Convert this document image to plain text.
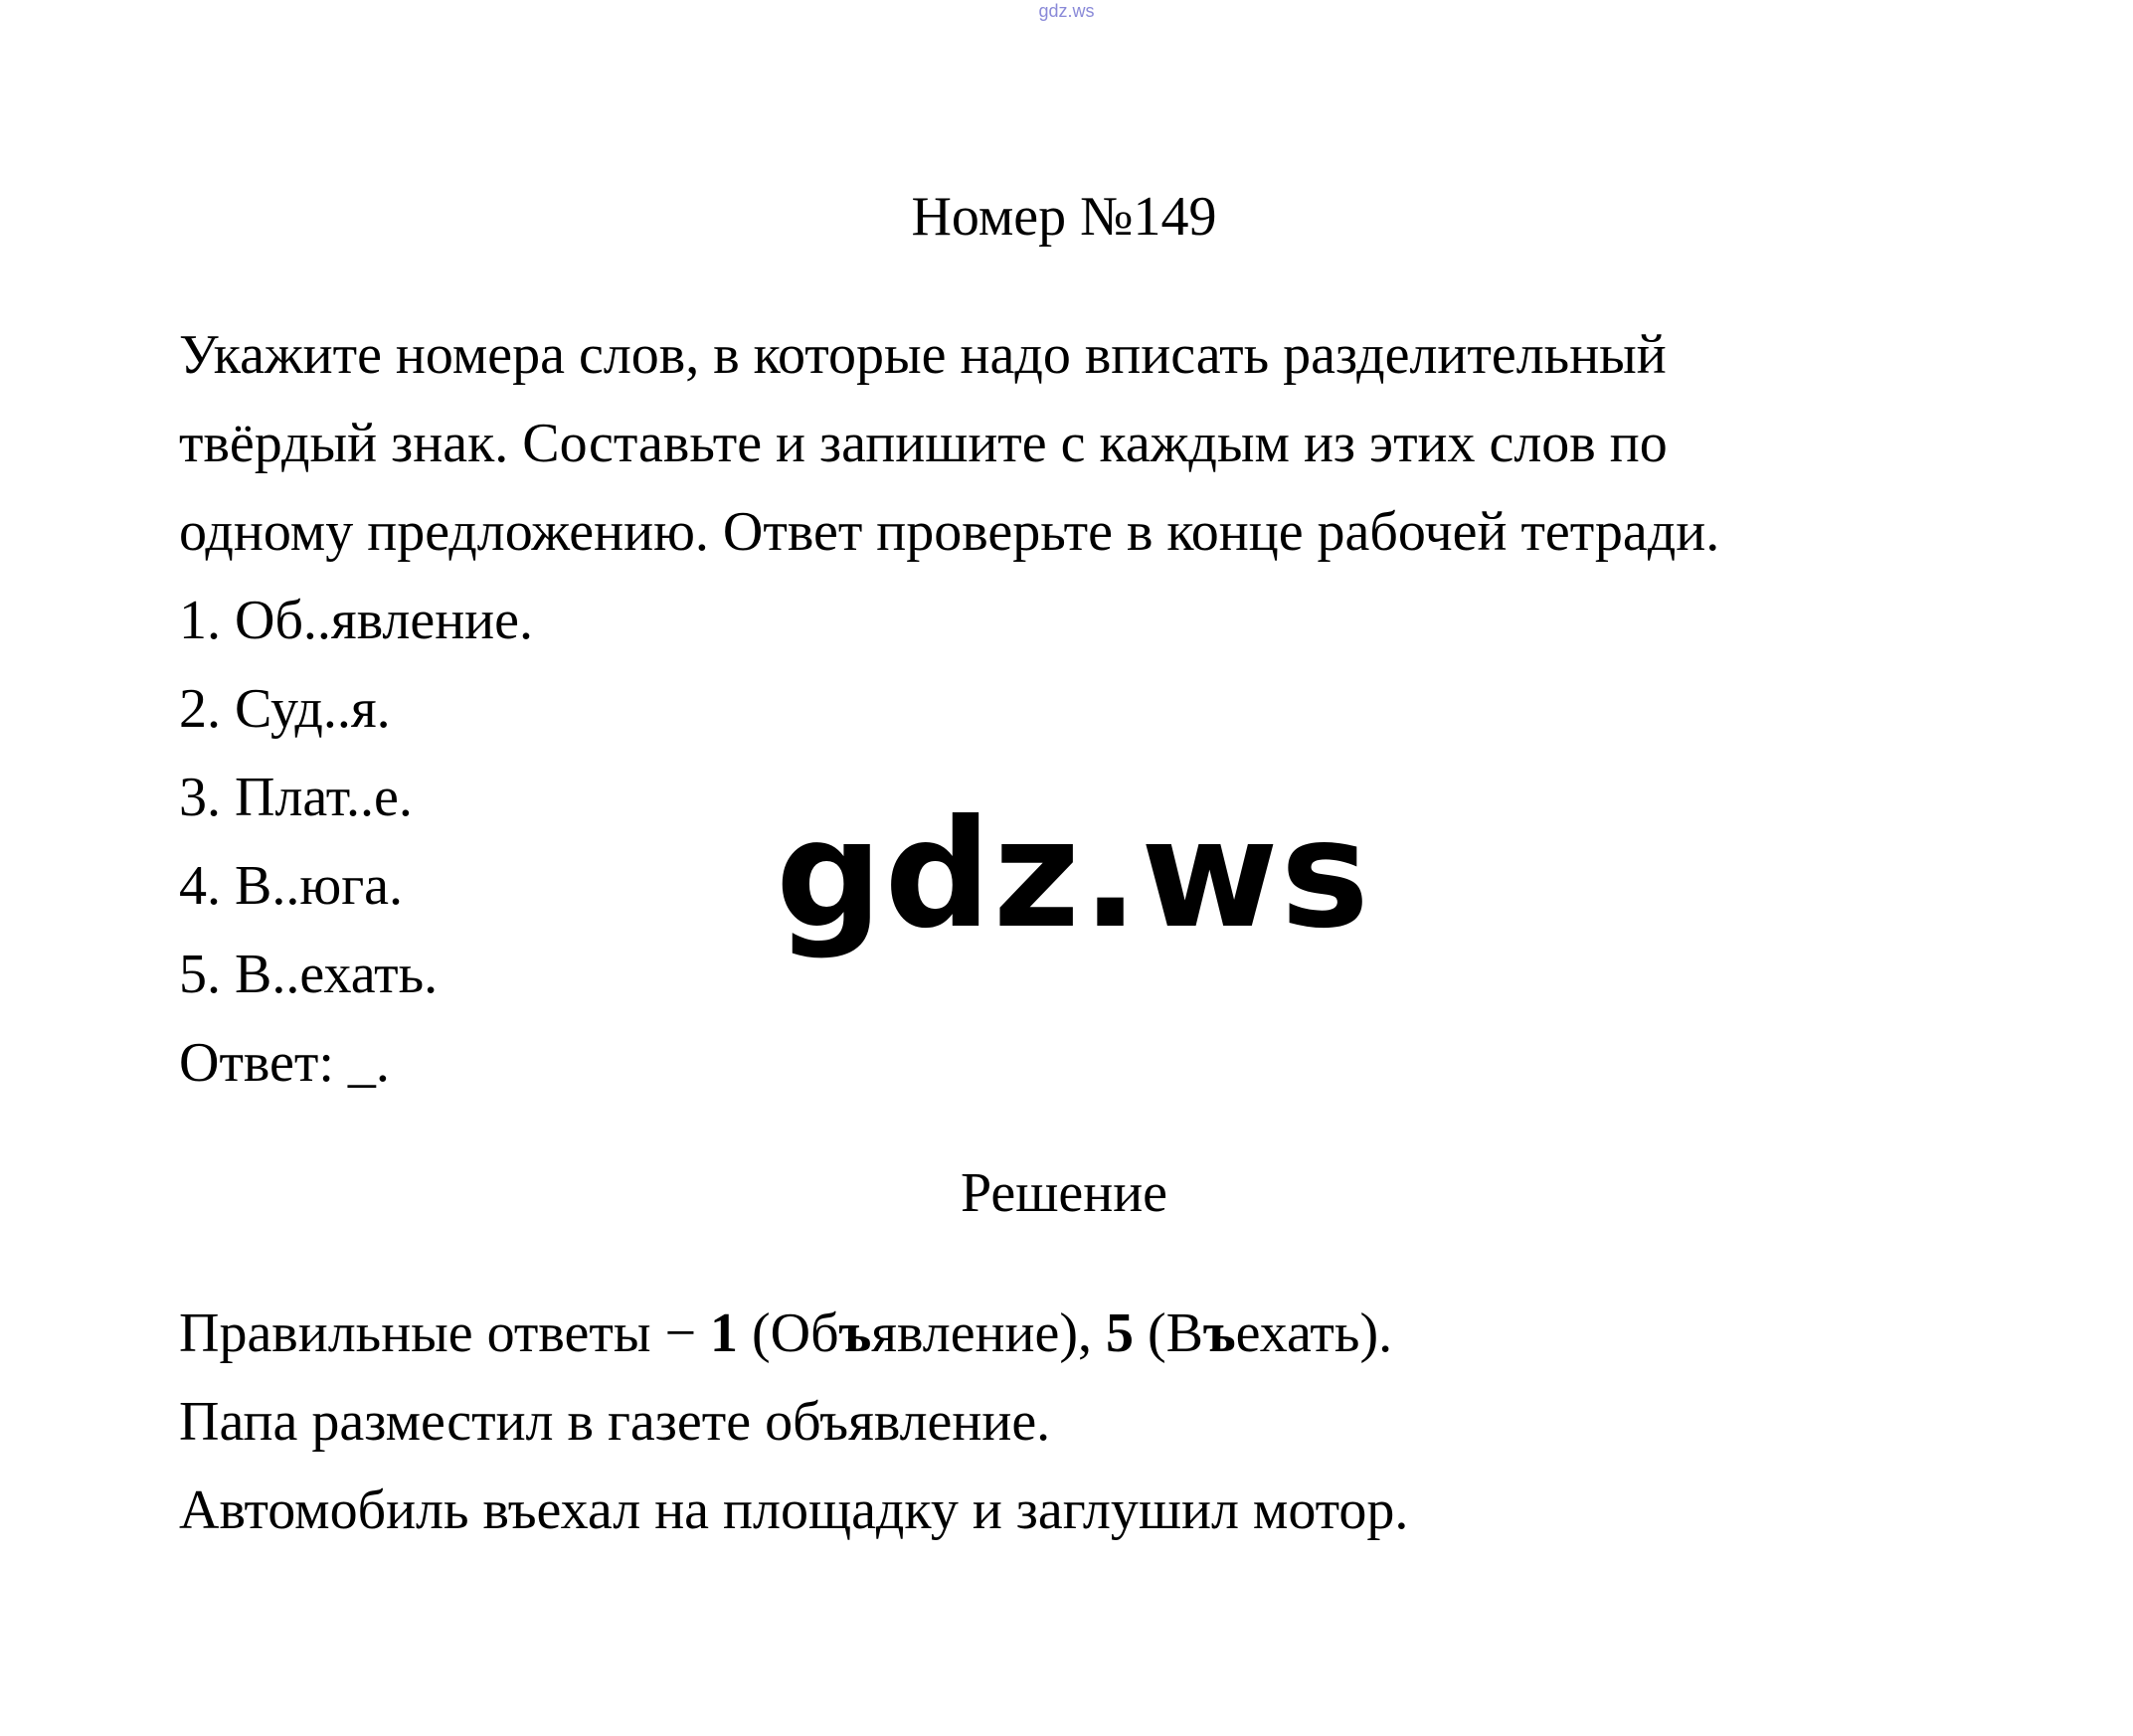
gdz.ws
Номер №149

Укажите номера слов, в которые надо вписать разделительный

твёрдый знак. Составьте и запишите с каждым из этих слов по

одному предложению. Ответ проверьте в конце рабочей тетради.

1. Об..явление.

2. Суд..я.

3. Плат..е.

4. В..юга.

5. В..ехать.

Ответ: _.

Решение

Правильные ответы − 1 (Объявление), 5 (Въехать).

Папа разместил в газете объявление.

Автомобиль въехал на площадку и заглушил мотор.

gdz.ws
